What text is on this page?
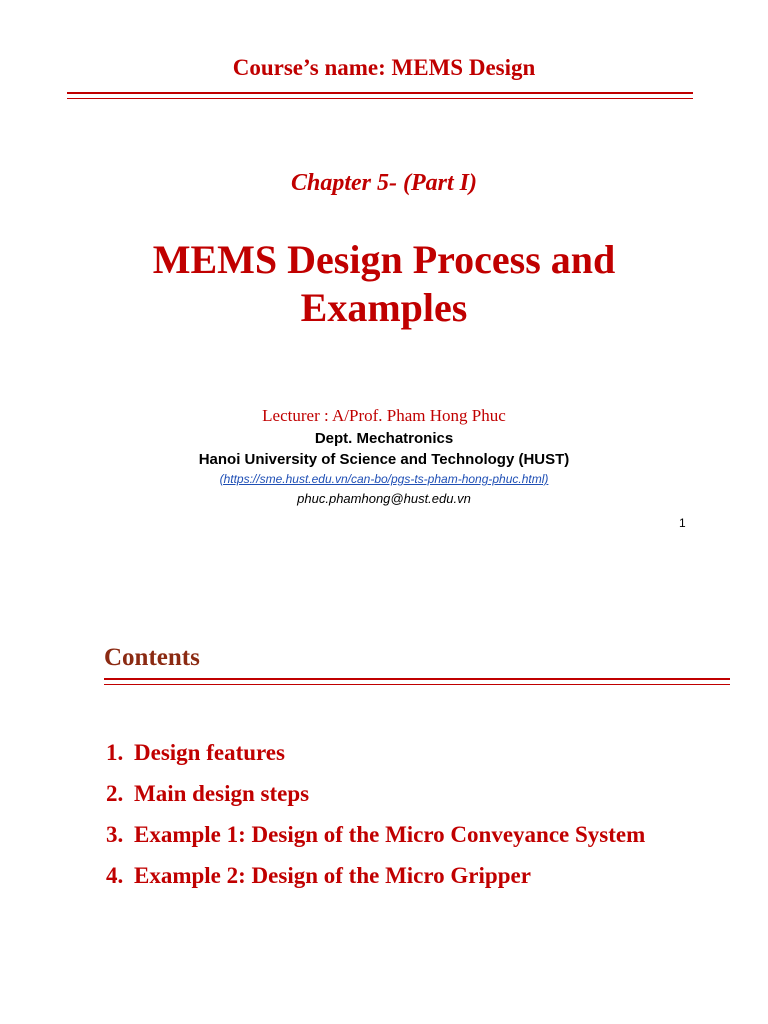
Course’s name: MEMS Design
Chapter 5- (Part I)
MEMS Design Process and
Examples
Lecturer : A/Prof. Pham Hong Phuc
Dept. Mechatronics
Hanoi University of Science and Technology (HUST)
(https://sme.hust.edu.vn/can-bo/pgs-ts-pham-hong-phuc.html)
phuc.phamhong@hust.edu.vn
1
Contents
1. Design features
2. Main design steps
3. Example 1: Design of the Micro Conveyance System
4. Example 2: Design of the Micro Gripper
